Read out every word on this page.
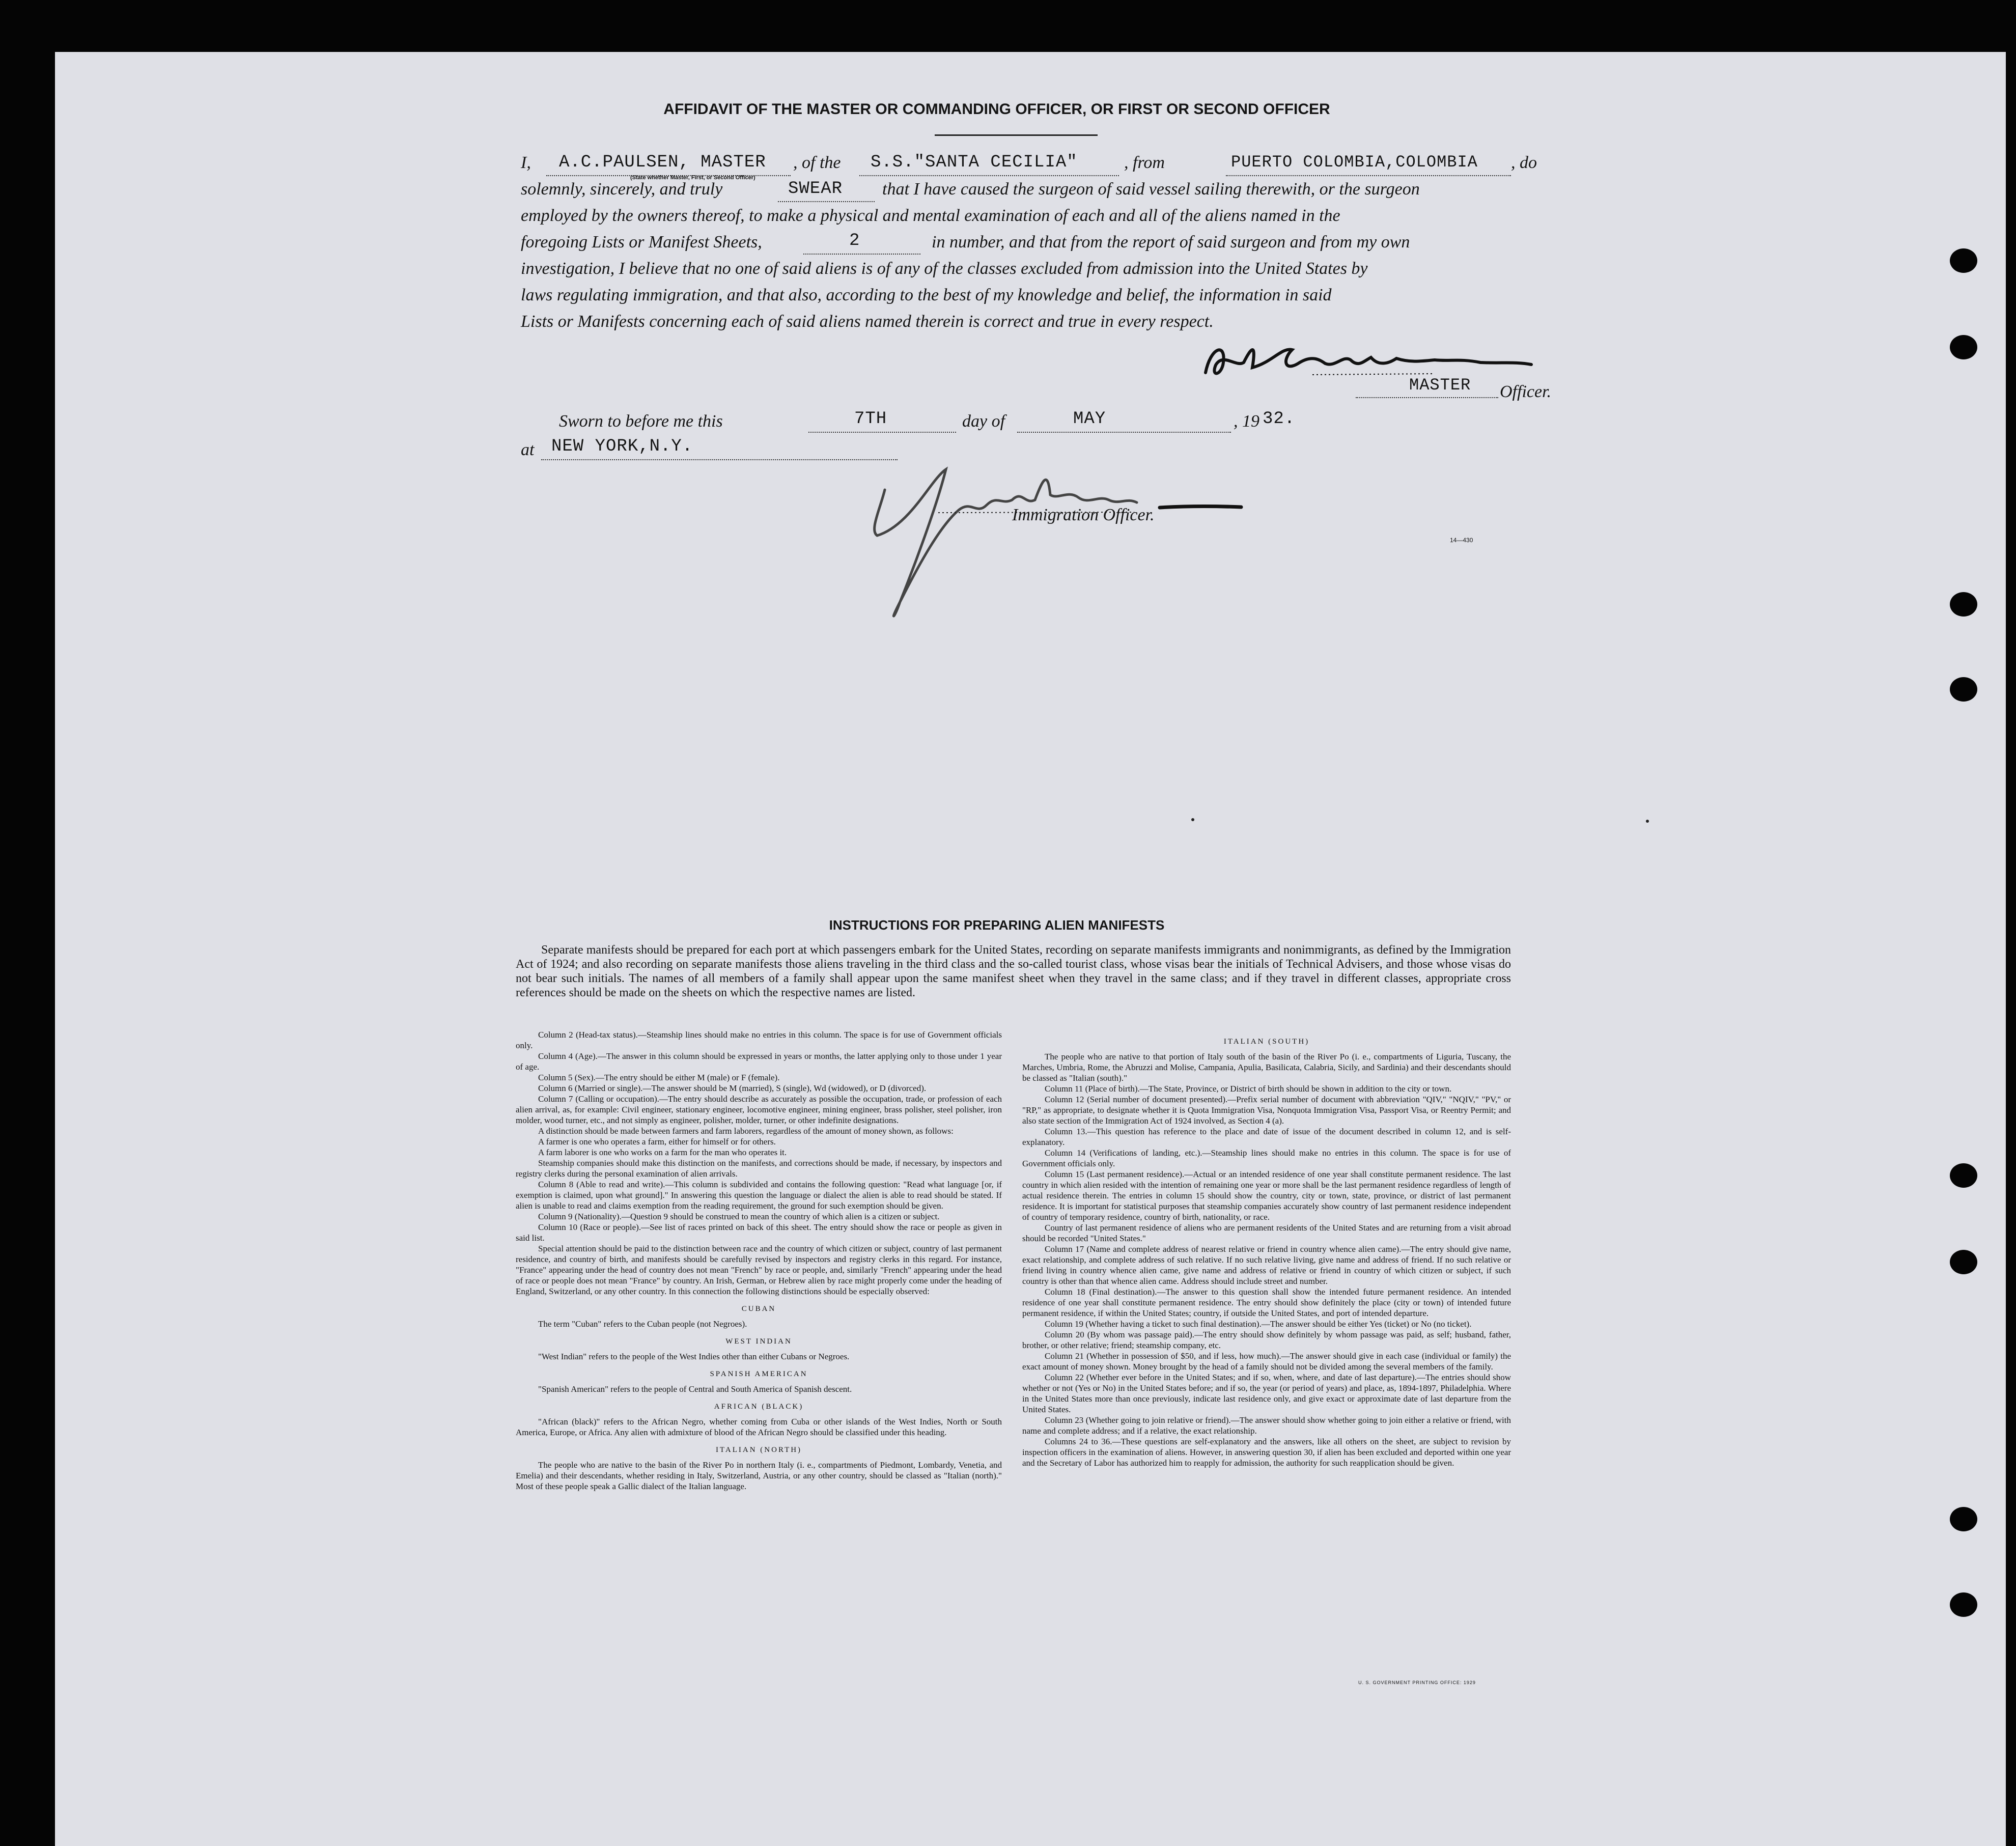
AFFIDAVIT OF THE MASTER OR COMMANDING OFFICER, OR FIRST OR SECOND OFFICER
I, A.C.PAULSEN, MASTER , of the S.S."SANTA CECILIA"	, from	PUERTO COLOMBIA,COLOMBIA , do
(State whether Master, First, or Second Officer)
solemnly, sincerely, and truly	SWEAR that I have caused the surgeon of said vessel sailing therewith, or the surgeon
employed by the owners thereof, to make a physical and mental examination of each and all of the aliens named in the
foregoing Lists or Manifest Sheets,	2	in number, and that from the report of said surgeon and from my own
investigation, I believe that no one of said aliens is of any of the classes excluded from admission into the United States by
laws regulating immigration, and that also, according to the best of my knowledge and belief, the information in said
Lists or Manifests concerning each of said aliens named therein is correct and true in every respect.
MASTER Officer.
Sworn to before me this	7TH	day of	MAY	, 19 32.
at NEW YORK,N.Y.
Immigration Officer.
14—430
INSTRUCTIONS FOR PREPARING ALIEN MANIFESTS

Separate manifests should be prepared for each port at which passengers embark for the United States, recording on separate manifests immigrants and nonimmigrants, as defined by the Immigration Act of 1924; and also recording on separate manifests those aliens traveling in the third class and the so-called tourist class, whose visas bear the initials of Technical Advisers, and those whose visas do not bear such initials. The names of all members of a family shall appear upon the same manifest sheet when they travel in the same class; and if they travel in different classes, appropriate cross references should be made on the sheets on which the respective names are listed.

Column 2 (Head-tax status).—Steamship lines should make no entries in this column. The space is for use of Government officials only.

Column 4 (Age).—The answer in this column should be expressed in years or months, the latter applying only to those under 1 year of age.

Column 5 (Sex).—The entry should be either M (male) or F (female).

Column 6 (Married or single).—The answer should be M (married), S (single), Wd (widowed), or D (divorced).

Column 7 (Calling or occupation).—The entry should describe as accurately as possible the occupation, trade, or profession of each alien arrival, as, for example: Civil engineer, stationary engineer, locomotive engineer, mining engineer, brass polisher, steel polisher, iron molder, wood turner, etc., and not simply as engineer, polisher, molder, turner, or other indefinite designations.

A distinction should be made between farmers and farm laborers, regardless of the amount of money shown, as follows:

A farmer is one who operates a farm, either for himself or for others.

A farm laborer is one who works on a farm for the man who operates it.

Steamship companies should make this distinction on the manifests, and corrections should be made, if necessary, by inspectors and registry clerks during the personal examination of alien arrivals.

Column 8 (Able to read and write).—This column is subdivided and contains the following question: "Read what language [or, if exemption is claimed, upon what ground]." In answering this question the language or dialect the alien is able to read should be stated. If alien is unable to read and claims exemption from the reading requirement, the ground for such exemption should be given.

Column 9 (Nationality).—Question 9 should be construed to mean the country of which alien is a citizen or subject.

Column 10 (Race or people).—See list of races printed on back of this sheet. The entry should show the race or people as given in said list.

Special attention should be paid to the distinction between race and the country of which citizen or subject, country of last permanent residence, and country of birth, and manifests should be carefully revised by inspectors and registry clerks in this regard. For instance, "France" appearing under the head of country does not mean "French" by race or people, and, similarly "French" appearing under the head of race or people does not mean "France" by country. An Irish, German, or Hebrew alien by race might properly come under the heading of England, Switzerland, or any other country. In this connection the following distinctions should be especially observed:

CUBAN

The term "Cuban" refers to the Cuban people (not Negroes).

WEST INDIAN

"West Indian" refers to the people of the West Indies other than either Cubans or Negroes.

SPANISH AMERICAN

"Spanish American" refers to the people of Central and South America of Spanish descent.

AFRICAN (BLACK)

"African (black)" refers to the African Negro, whether coming from Cuba or other islands of the West Indies, North or South America, Europe, or Africa. Any alien with admixture of blood of the African Negro should be classified under this heading.

ITALIAN (NORTH)

The people who are native to the basin of the River Po in northern Italy (i. e., compartments of Piedmont, Lombardy, Venetia, and Emelia) and their descendants, whether residing in Italy, Switzerland, Austria, or any other country, should be classed as "Italian (north)." Most of these people speak a Gallic dialect of the Italian language.

ITALIAN (SOUTH)

The people who are native to that portion of Italy south of the basin of the River Po (i. e., compartments of Liguria, Tuscany, the Marches, Umbria, Rome, the Abruzzi and Molise, Campania, Apulia, Basilicata, Calabria, Sicily, and Sardinia) and their descendants should be classed as "Italian (south)."

Column 11 (Place of birth).—The State, Province, or District of birth should be shown in addition to the city or town.

Column 12 (Serial number of document presented).—Prefix serial number of document with abbreviation "QIV," "NQIV," "PV," or "RP," as appropriate, to designate whether it is Quota Immigration Visa, Nonquota Immigration Visa, Passport Visa, or Reentry Permit; and also state section of the Immigration Act of 1924 involved, as Section 4 (a).

Column 13.—This question has reference to the place and date of issue of the document described in column 12, and is self-explanatory.

Column 14 (Verifications of landing, etc.).—Steamship lines should make no entries in this column. The space is for use of Government officials only.

Column 15 (Last permanent residence).—Actual or an intended residence of one year shall constitute permanent residence. The last country in which alien resided with the intention of remaining one year or more shall be the last permanent residence regardless of length of actual residence therein. The entries in column 15 should show the country, city or town, state, province, or district of last permanent residence. It is important for statistical purposes that steamship companies accurately show country of last permanent residence independent of country of temporary residence, country of birth, nationality, or race.

Country of last permanent residence of aliens who are permanent residents of the United States and are returning from a visit abroad should be recorded "United States."

Column 17 (Name and complete address of nearest relative or friend in country whence alien came).—The entry should give name, exact relationship, and complete address of such relative. If no such relative living, give name and address of friend. If no such relative or friend living in country whence alien came, give name and address of relative or friend in country of which citizen or subject, if such country is other than that whence alien came. Address should include street and number.

Column 18 (Final destination).—The answer to this question shall show the intended future permanent residence. An intended residence of one year shall constitute permanent residence. The entry should show definitely the place (city or town) of intended future permanent residence, if within the United States; country, if outside the United States, and port of intended departure.

Column 19 (Whether having a ticket to such final destination).—The answer should be either Yes (ticket) or No (no ticket).

Column 20 (By whom was passage paid).—The entry should show definitely by whom passage was paid, as self; husband, father, brother, or other relative; friend; steamship company, etc.

Column 21 (Whether in possession of $50, and if less, how much).—The answer should give in each case (individual or family) the exact amount of money shown. Money brought by the head of a family should not be divided among the several members of the family.

Column 22 (Whether ever before in the United States; and if so, when, where, and date of last departure).—The entries should show whether or not (Yes or No) in the United States before; and if so, the year (or period of years) and place, as, 1894-1897, Philadelphia. Where in the United States more than once previously, indicate last residence only, and give exact or approximate date of last departure from the United States.

Column 23 (Whether going to join relative or friend).—The answer should show whether going to join either a relative or friend, with name and complete address; and if a relative, the exact relationship.

Columns 24 to 36.—These questions are self-explanatory and the answers, like all others on the sheet, are subject to revision by inspection officers in the examination of aliens. However, in answering question 30, if alien has been excluded and deported within one year and the Secretary of Labor has authorized him to reapply for admission, the authority for such reapplication should be given.

U. S. GOVERNMENT PRINTING OFFICE: 1929
